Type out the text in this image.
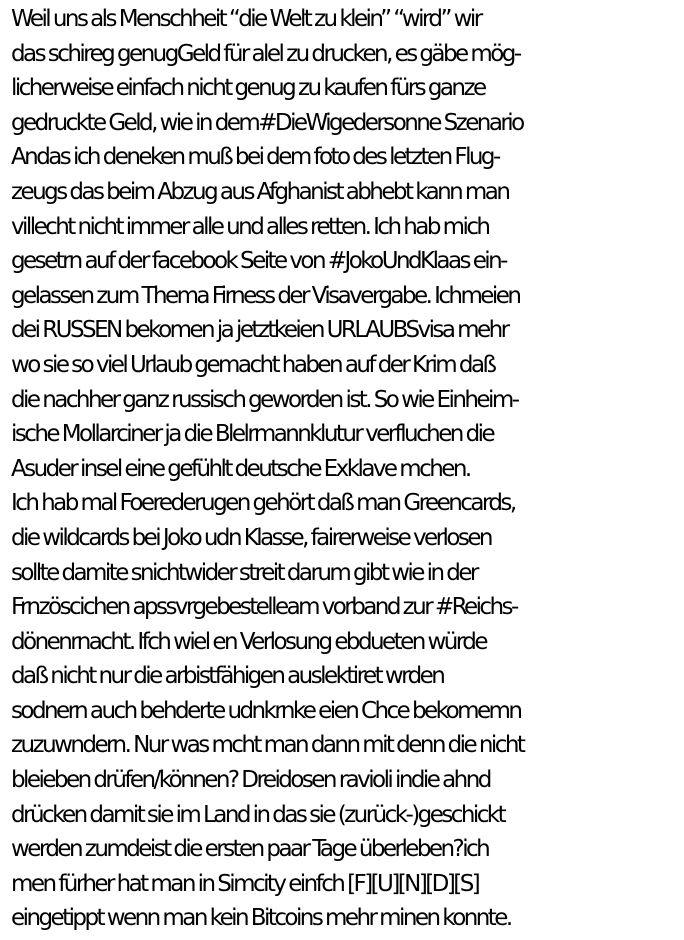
Weil uns als Menschheit “die Welt zu klein” “wird” wir
das schireg genugGeld für alel zu drucken, es gäbe mög-
licherweise einfach nicht genug zu kaufen fürs ganze
gedruckte Geld, wie in dem#DieWigedersonne Szenario
Andas ich deneken muß bei dem foto des letzten Flug-
zeugs das beim Abzug aus Afghanist abhebt kann man
villecht nicht immer alle und alles retten. Ich hab mich
gesetrn auf der facebook Seite von #JokoUndKlaas ein-
gelassen zum Thema Firness der Visavergabe. Ichmeien
dei RUSSEN bekomen ja jetztkeien URLAUBSvisa mehr
wo sie so viel Urlaub gemacht haben auf der Krim daß
die nachher ganz russisch geworden ist. So wie Einheim-
ische Mollarciner ja die Blelrmannklutur verfluchen die
Asuder insel eine gefühlt deutsche Exklave mchen.
Ich hab mal Foerederugen gehört daß man Greencards,
die wildcards bei Joko udn Klasse, fairerweise verlosen
sollte damite snichtwider streit darum gibt wie in der
Frnzöscichen apssvrgebestelleam vorband zur #Reichs-
dönenrnacht. Ifch wiel en Verlosung ebdueten würde
daß nicht nur die arbistfähigen auslektiret wrden
sodnern auch behderte udnkrnke eien Chce bekomemn
zuzuwndern. Nur was mcht man dann mit denn die nicht
bleieben drüfen/können? Dreidosen ravioli indie ahnd
drücken damit sie im Land in das sie (zurück-)geschickt
werden zumdeist die ersten paar Tage überleben?ich
men fürher hat man in Simcity einfch [F][U][N][D][S]
eingetippt wenn man kein Bitcoins mehr minen konnte.
